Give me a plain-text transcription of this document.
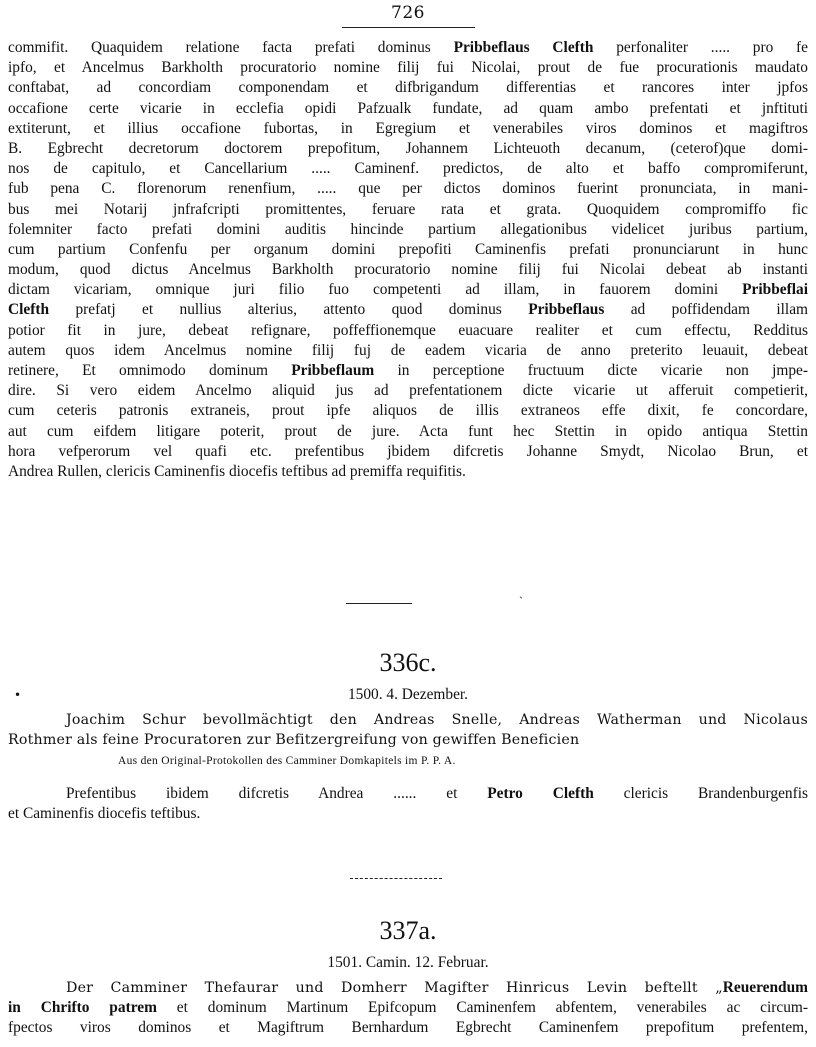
726
commifit. Quaquidem relatione facta prefati dominus Pribbeflaus Clefth perfonaliter ..... pro fe
ipfo, et Ancelmus Barkholth procuratorio nomine filij fui Nicolai, prout de fue procurationis maudato
conftabat, ad concordiam componendam et difbrigandum differentias et rancores inter jpfos
occafione certe vicarie in ecclefia opidi Pafzualk fundate, ad quam ambo prefentati et jnftituti
extiterunt, et illius occafione fubortas, in Egregium et venerabiles viros dominos et magiftros
B. Egbrecht decretorum doctorem prepofitum, Johannem Lichteuoth decanum, (ceterof)que domi-
nos de capitulo, et Cancellarium ..... Caminenf. predictos, de alto et baffo compromiferunt,
fub pena C. florenorum renenfium, ..... que per dictos dominos fuerint pronunciata, in mani-
bus mei Notarij jnfrafcripti promittentes, feruare rata et grata. Quoquidem compromiffo fic
folemniter facto prefati domini auditis hincinde partium allegationibus videlicet juribus partium,
cum partium Confenfu per organum domini prepofiti Caminenfis prefati pronunciarunt in hunc
modum, quod dictus Ancelmus Barkholth procuratorio nomine filij fui Nicolai debeat ab instanti
dictam vicariam, omnique juri filio fuo competenti ad illam, in fauorem domini Pribbeflai
Clefth prefatj et nullius alterius, attento quod dominus Pribbeflaus ad poffidendam illam
potior fit in jure, debeat refignare, poffeffionemque euacuare realiter et cum effectu, Redditus
autem quos idem Ancelmus nomine filij fuj de eadem vicaria de anno preterito leuauit, debeat
retinere, Et omnimodo dominum Pribbeflaum in perceptione fructuum dicte vicarie non jmpe-
dire. Si vero eidem Ancelmo aliquid jus ad prefentationem dicte vicarie ut afferuit competierit,
cum ceteris patronis extraneis, prout ipfe aliquos de illis extraneos effe dixit, fe concordare,
aut cum eifdem litigare poterit, prout de jure. Acta funt hec Stettin in opido antiqua Stettin
hora vefperorum vel quafi etc. prefentibus jbidem difcretis Johanne Smydt, Nicolao Brun, et
Andrea Rullen, clericis Caminenfis diocefis teftibus ad premiffa requifitis.
ˎ
336c.
•	1500. 4. Dezember.
Joachim Schur bevollmächtigt den Andreas Snelle, Andreas Watherman und Nicolaus
Rothmer als feine Procuratoren zur Befitzergreifung von gewiffen Beneficien
Aus den Original-Protokollen des Camminer Domkapitels im P. P. A.
Prefentibus ibidem difcretis Andrea ...... et Petro Clefth clericis Brandenburgenfis
et Caminenfis diocefis teftibus.
337a.
1501. Camin. 12. Februar.
Der Camminer Thefaurar und Domherr Magifter Hinricus Levin beftellt „Reuerendum
in Chrifto patrem et dominum Martinum Epifcopum Caminenfem abfentem, venerabiles ac circum-
fpectos viros dominos et Magiftrum Bernhardum Egbrecht Caminenfem prepofitum prefentem,
